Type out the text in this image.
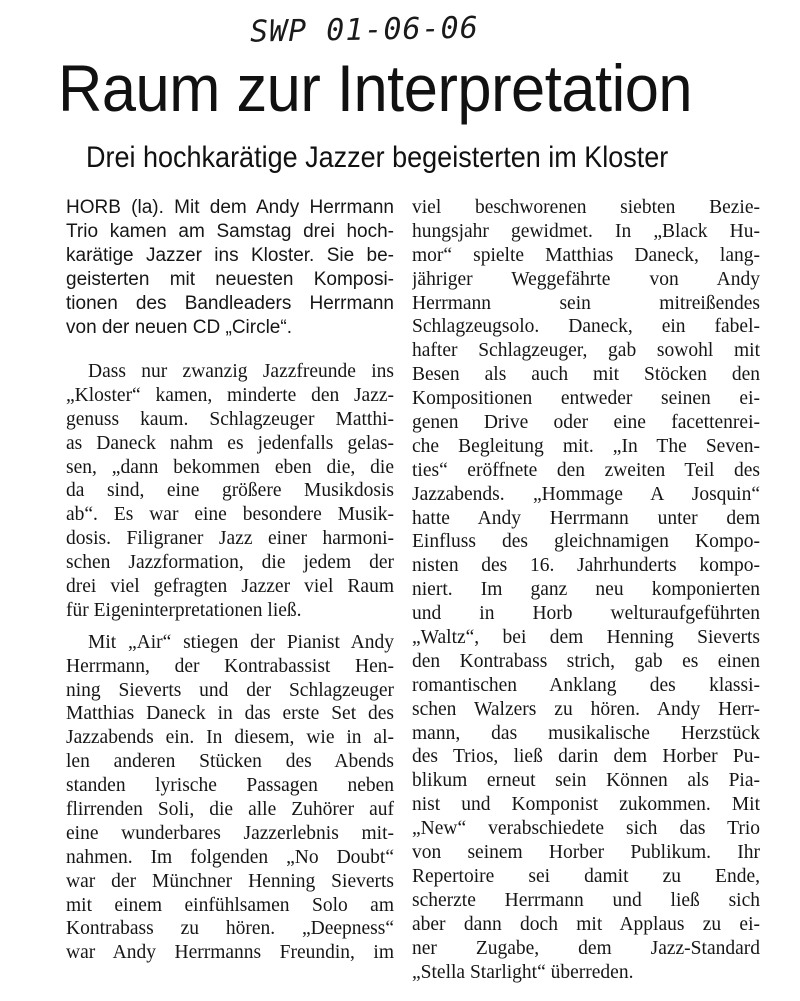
SWP 01-06-06
Raum zur Interpretation
Drei hochkarätige Jazzer begeisterten im Kloster
HORB (la). Mit dem Andy Herrmann
Trio kamen am Samstag drei hoch-
karätige Jazzer ins Kloster. Sie be-
geisterten mit neuesten Komposi-
tionen des Bandleaders Herrmann
von der neuen CD „Circle“.
Dass nur zwanzig Jazzfreunde ins
„Kloster“ kamen, minderte den Jazz-
genuss kaum. Schlagzeuger Matthi-
as Daneck nahm es jedenfalls gelas-
sen, „dann bekommen eben die, die
da sind, eine größere Musikdosis
ab“. Es war eine besondere Musik-
dosis. Filigraner Jazz einer harmoni-
schen Jazzformation, die jedem der
drei viel gefragten Jazzer viel Raum
für Eigeninterpretationen ließ.
Mit „Air“ stiegen der Pianist Andy
Herrmann, der Kontrabassist Hen-
ning Sieverts und der Schlagzeuger
Matthias Daneck in das erste Set des
Jazzabends ein. In diesem, wie in al-
len anderen Stücken des Abends
standen lyrische Passagen neben
flirrenden Soli, die alle Zuhörer auf
eine wunderbares Jazzerlebnis mit-
nahmen. Im folgenden „No Doubt“
war der Münchner Henning Sieverts
mit einem einfühlsamen Solo am
Kontrabass zu hören. „Deepness“
war Andy Herrmanns Freundin, im
viel beschworenen siebten Bezie-
hungsjahr gewidmet. In „Black Hu-
mor“ spielte Matthias Daneck, lang-
jähriger Weggefährte von Andy
Herrmann sein mitreißendes
Schlagzeugsolo. Daneck, ein fabel-
hafter Schlagzeuger, gab sowohl mit
Besen als auch mit Stöcken den
Kompositionen entweder seinen ei-
genen Drive oder eine facettenrei-
che Begleitung mit. „In The Seven-
ties“ eröffnete den zweiten Teil des
Jazzabends. „Hommage A Josquin“
hatte Andy Herrmann unter dem
Einfluss des gleichnamigen Kompo-
nisten des 16. Jahrhunderts kompo-
niert. Im ganz neu komponierten
und in Horb welturaufgeführten
„Waltz“, bei dem Henning Sieverts
den Kontrabass strich, gab es einen
romantischen Anklang des klassi-
schen Walzers zu hören. Andy Herr-
mann, das musikalische Herzstück
des Trios, ließ darin dem Horber Pu-
blikum erneut sein Können als Pia-
nist und Komponist zukommen. Mit
„New“ verabschiedete sich das Trio
von seinem Horber Publikum. Ihr
Repertoire sei damit zu Ende,
scherzte Herrmann und ließ sich
aber dann doch mit Applaus zu ei-
ner Zugabe, dem Jazz-Standard
„Stella Starlight“ überreden.
